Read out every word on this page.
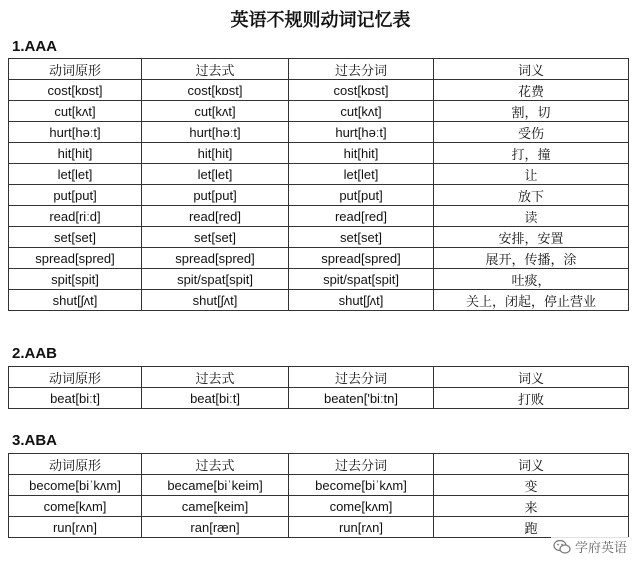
英语不规则动词记忆表
1.AAA
动词原形	过去式	过去分词	词义
cost[kɒst]	cost[kɒst]	cost[kɒst]	花费
cut[kʌt]	cut[kʌt]	cut[kʌt]	割，切
hurt[həːt]	hurt[həːt]	hurt[həːt]	受伤
hit[hit]	hit[hit]	hit[hit]	打，撞
let[let]	let[let]	let[let]	让
put[put]	put[put]	put[put]	放下
read[riːd]	read[red]	read[red]	读
set[set]	set[set]	set[set]	安排，安置
spread[spred]	spread[spred]	spread[spred]	展开，传播，涂
spit[spit]	spit/spat[spit]	spit/spat[spit]	吐痰，
shut[ʃʌt]	shut[ʃʌt]	shut[ʃʌt]	关上，闭起，停止营业
2.AAB
动词原形	过去式	过去分词	词义
beat[biːt]	beat[biːt]	beaten['biːtn]	打败
3.ABA
动词原形	过去式	过去分词	词义
become[biˈkʌm]	became[biˈkeim]	become[biˈkʌm]	变
come[kʌm]	came[keim]	come[kʌm]	来
run[rʌn]	ran[ræn]	run[rʌn]	跑
学府英语
